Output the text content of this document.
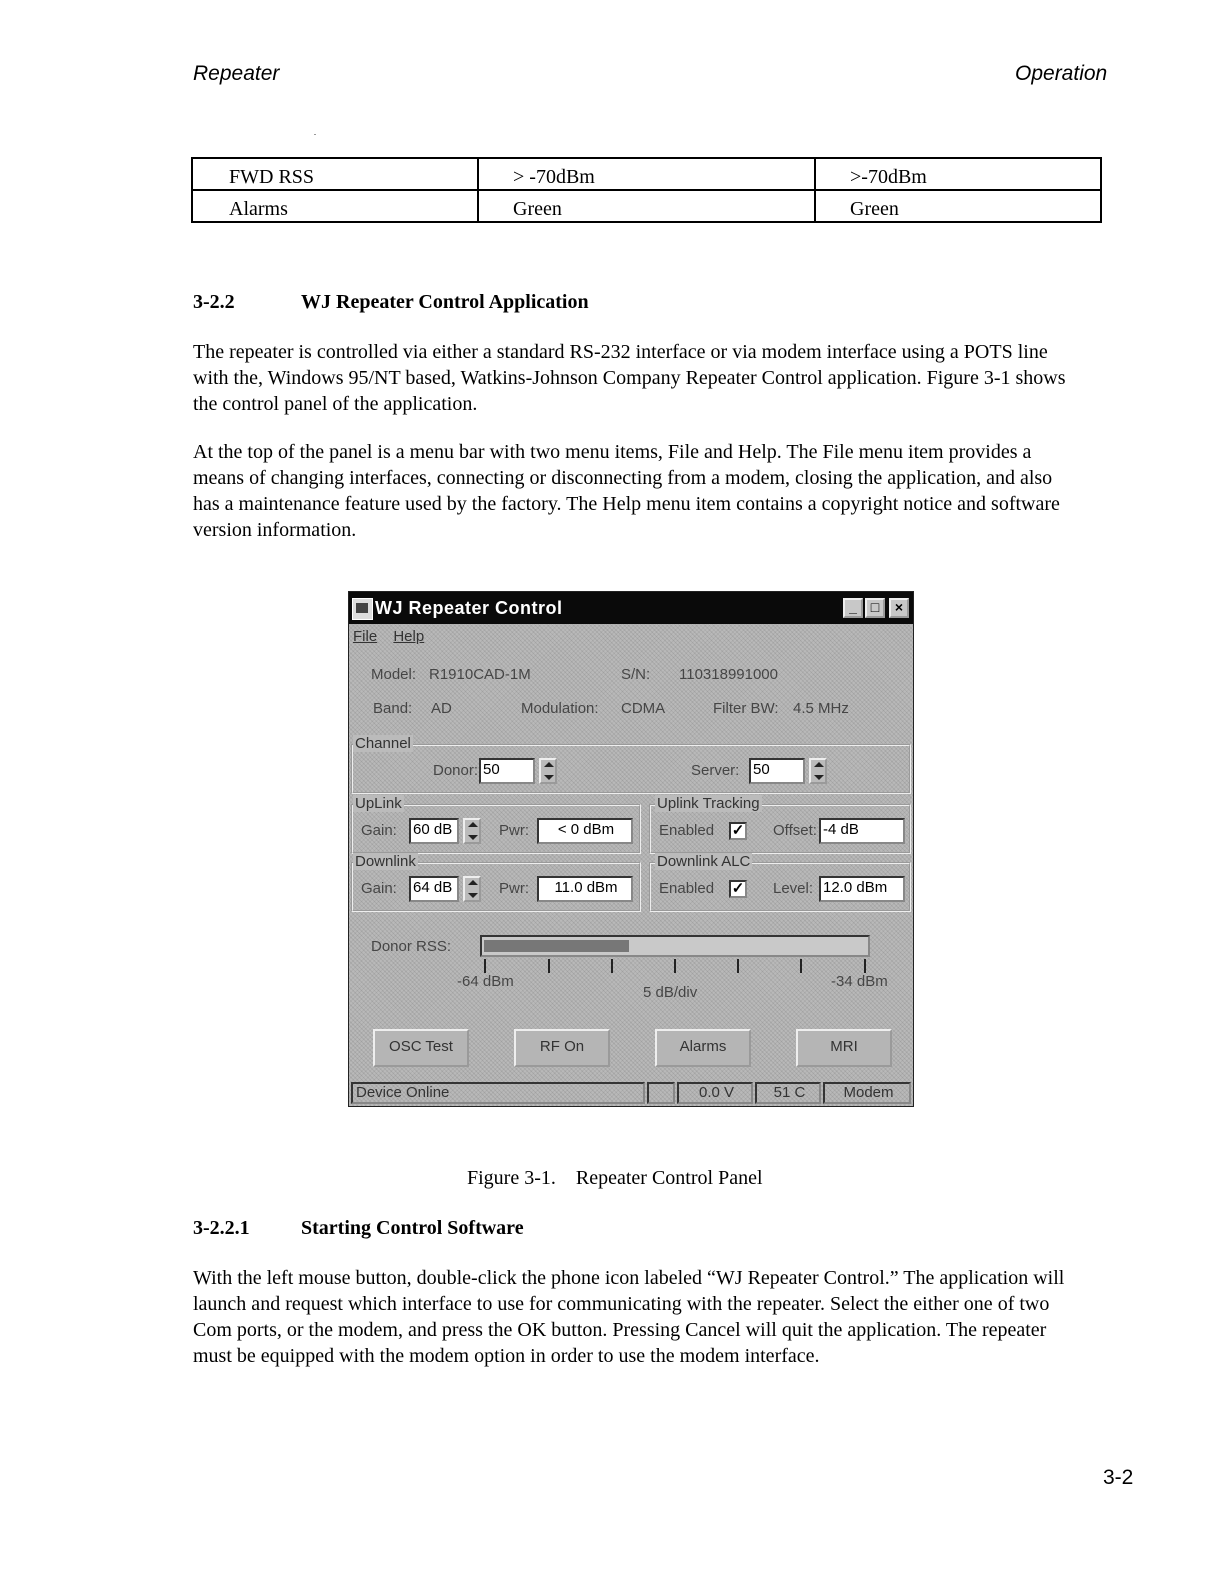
Repeater	Operation
FWD RSS	> -70dBm	>-70dBm
Alarms	Green	Green
3-2.2	WJ Repeater Control Application

The repeater is controlled via either a standard RS-232 interface or via modem interface using a POTS line with the, Windows 95/NT based, Watkins-Johnson Company Repeater Control application. Figure 3-1 shows the control panel of the application.

At the top of the panel is a menu bar with two menu items, File and Help. The File menu item provides a means of changing interfaces, connecting or disconnecting from a modem, closing the application, and also has a maintenance feature used by the factory. The Help menu item contains a copyright notice and software version information.

WJ Repeater Control	_ □	×
File Help
Model: R1910CAD-1M	S/N: 110318991000
Band: AD	Modulation: CDMA	Filter BW: 4.5 MHz
Channel
Donor: 50	Server: 50
UpLink
Gain: 60 dB	Pwr:	< 0 dBm
Uplink Tracking
Enabled ✓ Offset: -4 dB
Downlink
Gain: 64 dB	Pwr:	11.0 dBm
Downlink ALC
Enabled ✓ Level: 12.0 dBm
Donor RSS:
-64 dBm
5 dB/div
-34 dBm
OSC Test	RF On	Alarms	MRI
Device Online	0.0 V	51 C	Modem
Figure 3-1. Repeater Control Panel
3-2.2.1	Starting Control Software

With the left mouse button, double-click the phone icon labeled “WJ Repeater Control.” The application will launch and request which interface to use for communicating with the repeater. Select the either one of two Com ports, or the modem, and press the OK button. Pressing Cancel will quit the application. The repeater must be equipped with the modem option in order to use the modem interface.

3-2
